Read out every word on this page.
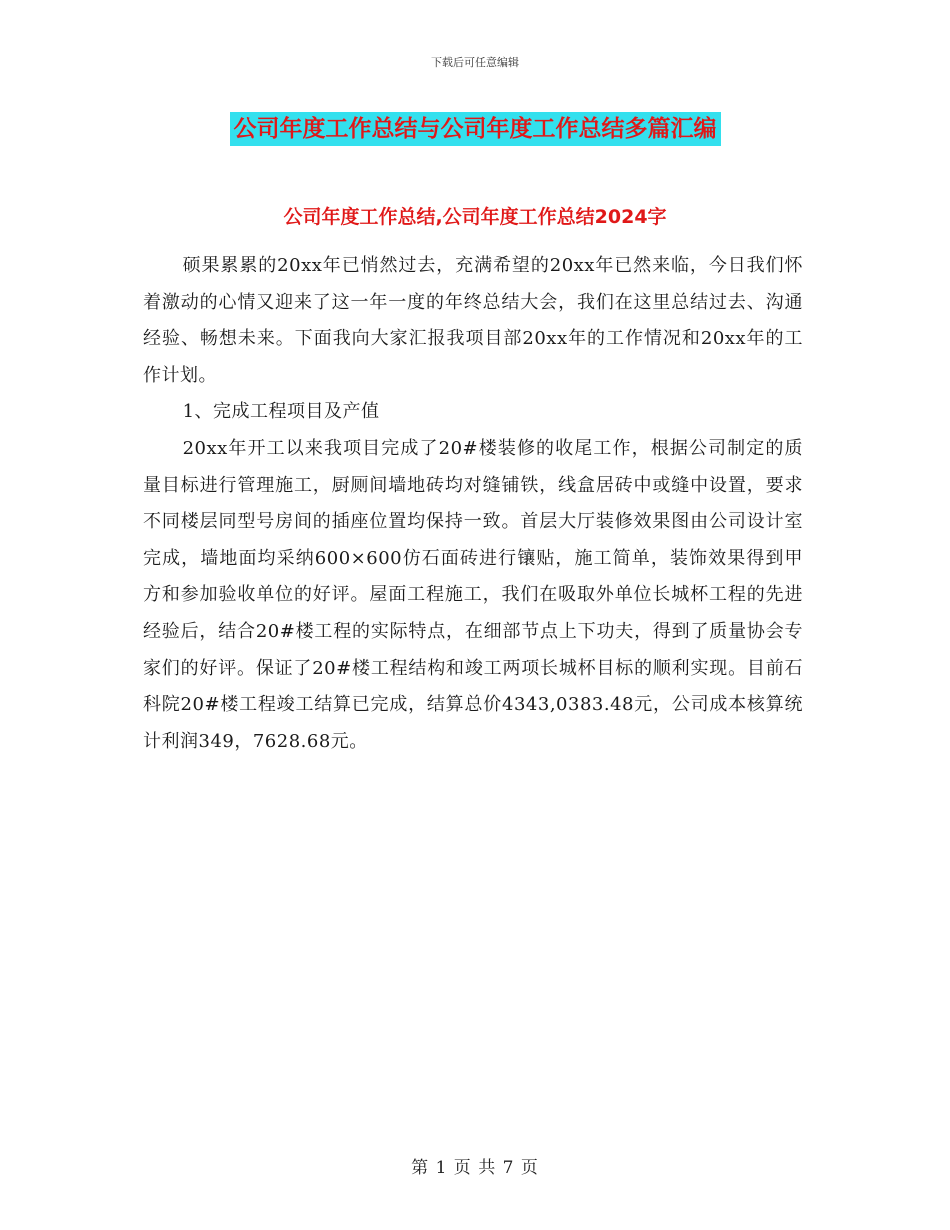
下载后可任意编辑
公司年度工作总结与公司年度工作总结多篇汇编
公司年度工作总结,公司年度工作总结2024字

硕果累累的20xx年已悄然过去，充满希望的20xx年已然来临，今日我们怀着激动的心情又迎来了这一年一度的年终总结大会，我们在这里总结过去、沟通经验、畅想未来。下面我向大家汇报我项目部20xx年的工作情况和20xx年的工作计划。

1、完成工程项目及产值

20xx年开工以来我项目完成了20#楼装修的收尾工作，根据公司制定的质量目标进行管理施工，厨厕间墙地砖均对缝铺铁，线盒居砖中或缝中设置，要求不同楼层同型号房间的插座位置均保持一致。首层大厅装修效果图由公司设计室完成，墙地面均采纳600×600仿石面砖进行镶贴，施工简单，装饰效果得到甲方和参加验收单位的好评。屋面工程施工，我们在吸取外单位长城杯工程的先进经验后，结合20#楼工程的实际特点，在细部节点上下功夫，得到了质量协会专家们的好评。保证了20#楼工程结构和竣工两项长城杯目标的顺利实现。目前石科院20#楼工程竣工结算已完成，结算总价4343,0383.48元，公司成本核算统计利润349，7628.68元。

第 1 页 共 7 页
